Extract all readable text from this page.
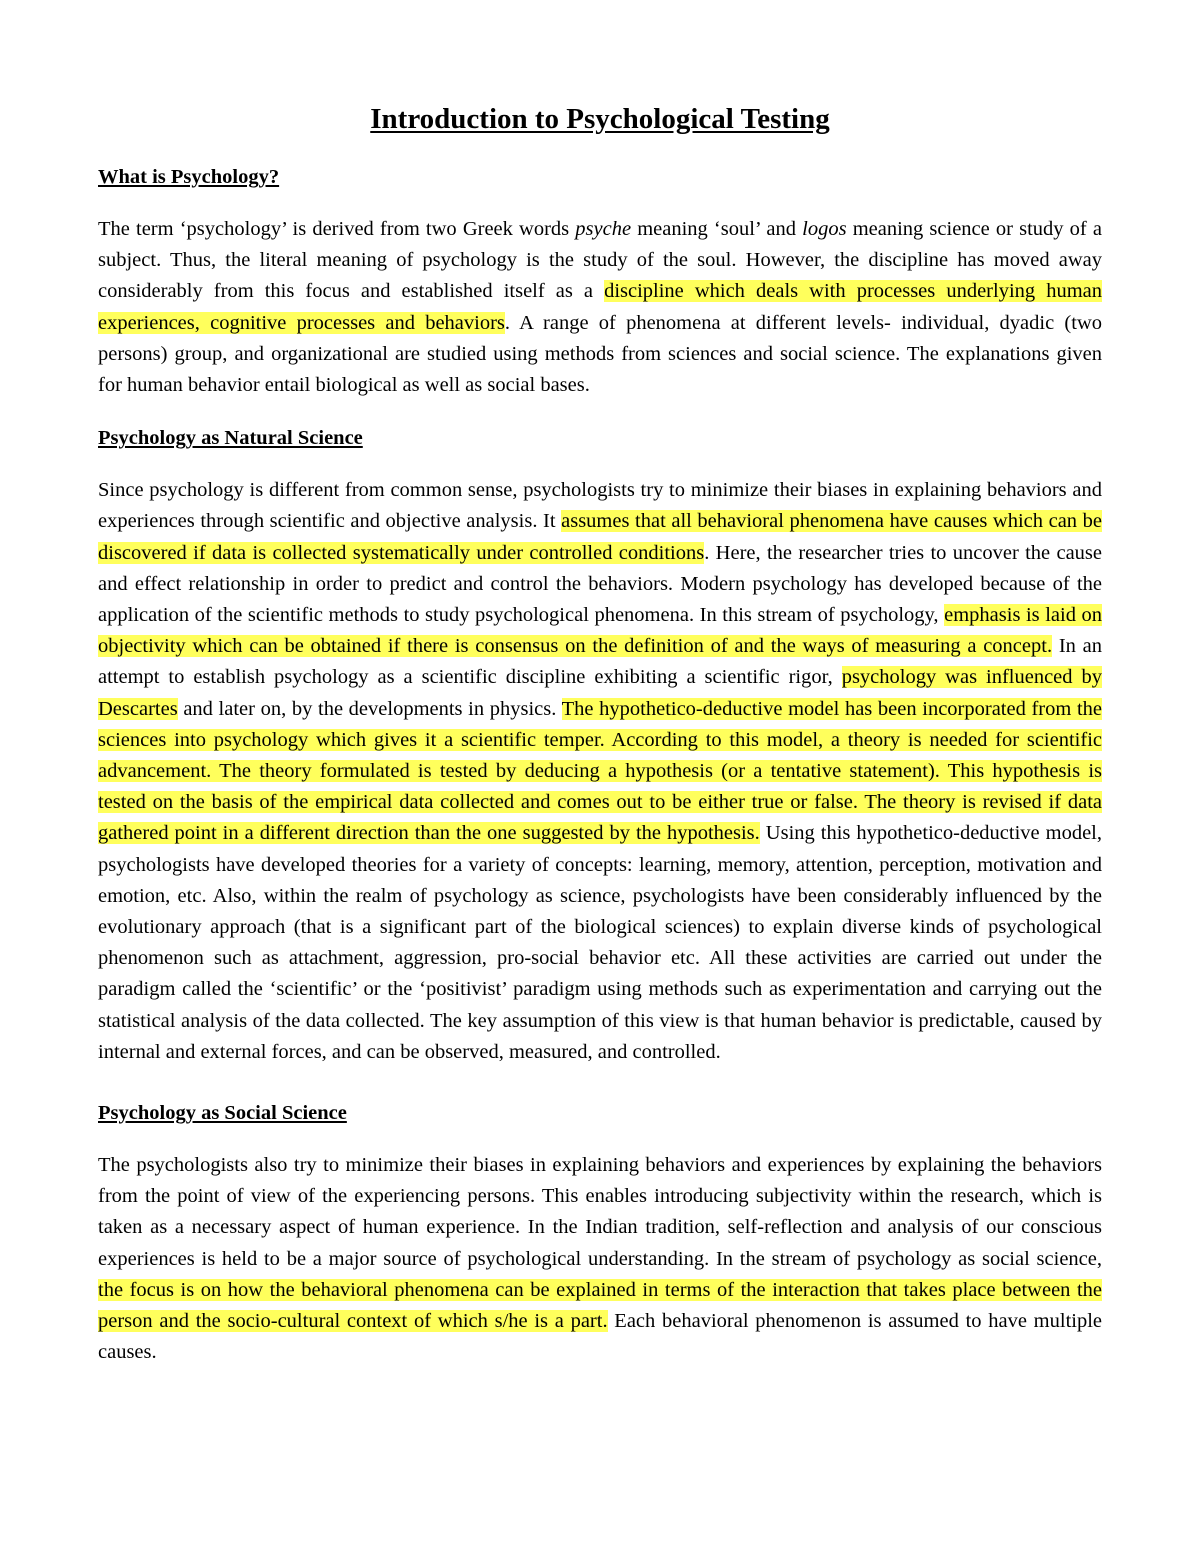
Introduction to Psychological Testing
What is Psychology?

The term ‘psychology’ is derived from two Greek words psyche meaning ‘soul’ and logos meaning science or study of a subject. Thus, the literal meaning of psychology is the study of the soul. However, the discipline has moved away considerably from this focus and established itself as a discipline which deals with processes underlying human experiences, cognitive processes and behaviors. A range of phenomena at different levels- individual, dyadic (two persons) group, and organizational are studied using methods from sciences and social science. The explanations given for human behavior entail biological as well as social bases.

Psychology as Natural Science

Since psychology is different from common sense, psychologists try to minimize their biases in explaining behaviors and experiences through scientific and objective analysis. It assumes that all behavioral phenomena have causes which can be discovered if data is collected systematically under controlled conditions. Here, the researcher tries to uncover the cause and effect relationship in order to predict and control the behaviors. Modern psychology has developed because of the application of the scientific methods to study psychological phenomena. In this stream of psychology, emphasis is laid on objectivity which can be obtained if there is consensus on the definition of and the ways of measuring a concept. In an attempt to establish psychology as a scientific discipline exhibiting a scientific rigor, psychology was influenced by Descartes and later on, by the developments in physics. The hypothetico-deductive model has been incorporated from the sciences into psychology which gives it a scientific temper. According to this model, a theory is needed for scientific advancement. The theory formulated is tested by deducing a hypothesis (or a tentative statement). This hypothesis is tested on the basis of the empirical data collected and comes out to be either true or false. The theory is revised if data gathered point in a different direction than the one suggested by the hypothesis. Using this hypothetico-deductive model, psychologists have developed theories for a variety of concepts: learning, memory, attention, perception, motivation and emotion, etc. Also, within the realm of psychology as science, psychologists have been considerably influenced by the evolutionary approach (that is a significant part of the biological sciences) to explain diverse kinds of psychological phenomenon such as attachment, aggression, pro-social behavior etc. All these activities are carried out under the paradigm called the ‘scientific’ or the ‘positivist’ paradigm using methods such as experimentation and carrying out the statistical analysis of the data collected. The key assumption of this view is that human behavior is predictable, caused by internal and external forces, and can be observed, measured, and controlled.

Psychology as Social Science

The psychologists also try to minimize their biases in explaining behaviors and experiences by explaining the behaviors from the point of view of the experiencing persons. This enables introducing subjectivity within the research, which is taken as a necessary aspect of human experience. In the Indian tradition, self-reflection and analysis of our conscious experiences is held to be a major source of psychological understanding. In the stream of psychology as social science, the focus is on how the behavioral phenomena can be explained in terms of the interaction that takes place between the person and the socio-cultural context of which s/he is a part. Each behavioral phenomenon is assumed to have multiple causes.
